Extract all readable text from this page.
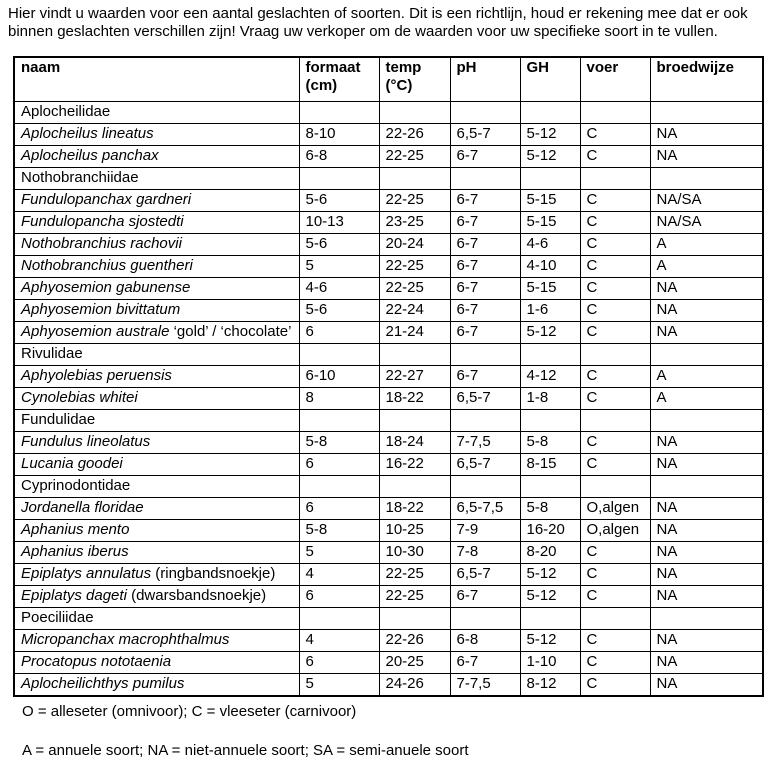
Hier vindt u waarden voor een aantal geslachten of soorten. Dit is een richtlijn, houd er rekening mee dat er ook binnen geslachten verschillen zijn! Vraag uw verkoper om de waarden voor uw specifieke soort in te vullen.

naam	formaat (cm)	temp (°C)	pH	GH	voer	broedwijze
Aplocheilidae						
Aplocheilus lineatus	8-10	22-26	6,5-7	5-12	C	NA
Aplocheilus panchax	6-8	22-25	6-7	5-12	C	NA
Nothobranchiidae						
Fundulopanchax gardneri	5-6	22-25	6-7	5-15	C	NA/SA
Fundulopancha sjostedti	10-13	23-25	6-7	5-15	C	NA/SA
Nothobranchius rachovii	5-6	20-24	6-7	4-6	C	A
Nothobranchius guentheri	5	22-25	6-7	4-10	C	A
Aphyosemion gabunense	4-6	22-25	6-7	5-15	C	NA
Aphyosemion bivittatum	5-6	22-24	6-7	1-6	C	NA
Aphyosemion australe ‘gold’ / ‘chocolate’	6	21-24	6-7	5-12	C	NA
Rivulidae						
Aphyolebias peruensis	6-10	22-27	6-7	4-12	C	A
Cynolebias whitei	8	18-22	6,5-7	1-8	C	A
Fundulidae						
Fundulus lineolatus	5-8	18-24	7-7,5	5-8	C	NA
Lucania goodei	6	16-22	6,5-7	8-15	C	NA
Cyprinodontidae						
Jordanella floridae	6	18-22	6,5-7,5	5-8	O,algen	NA
Aphanius mento	5-8	10-25	7-9	16-20	O,algen	NA
Aphanius iberus	5	10-30	7-8	8-20	C	NA
Epiplatys annulatus (ringbandsnoekje)	4	22-25	6,5-7	5-12	C	NA
Epiplatys dageti (dwarsbandsnoekje)	6	22-25	6-7	5-12	C	NA
Poeciliidae						
Micropanchax macrophthalmus	4	22-26	6-8	5-12	C	NA
Procatopus nototaenia	6	20-25	6-7	1-10	C	NA
Aplocheilichthys pumilus	5	24-26	7-7,5	8-12	C	NA

O = alleseter (omnivoor); C = vleeseter (carnivoor)

A = annuele soort; NA = niet-annuele soort; SA = semi-anuele soort
